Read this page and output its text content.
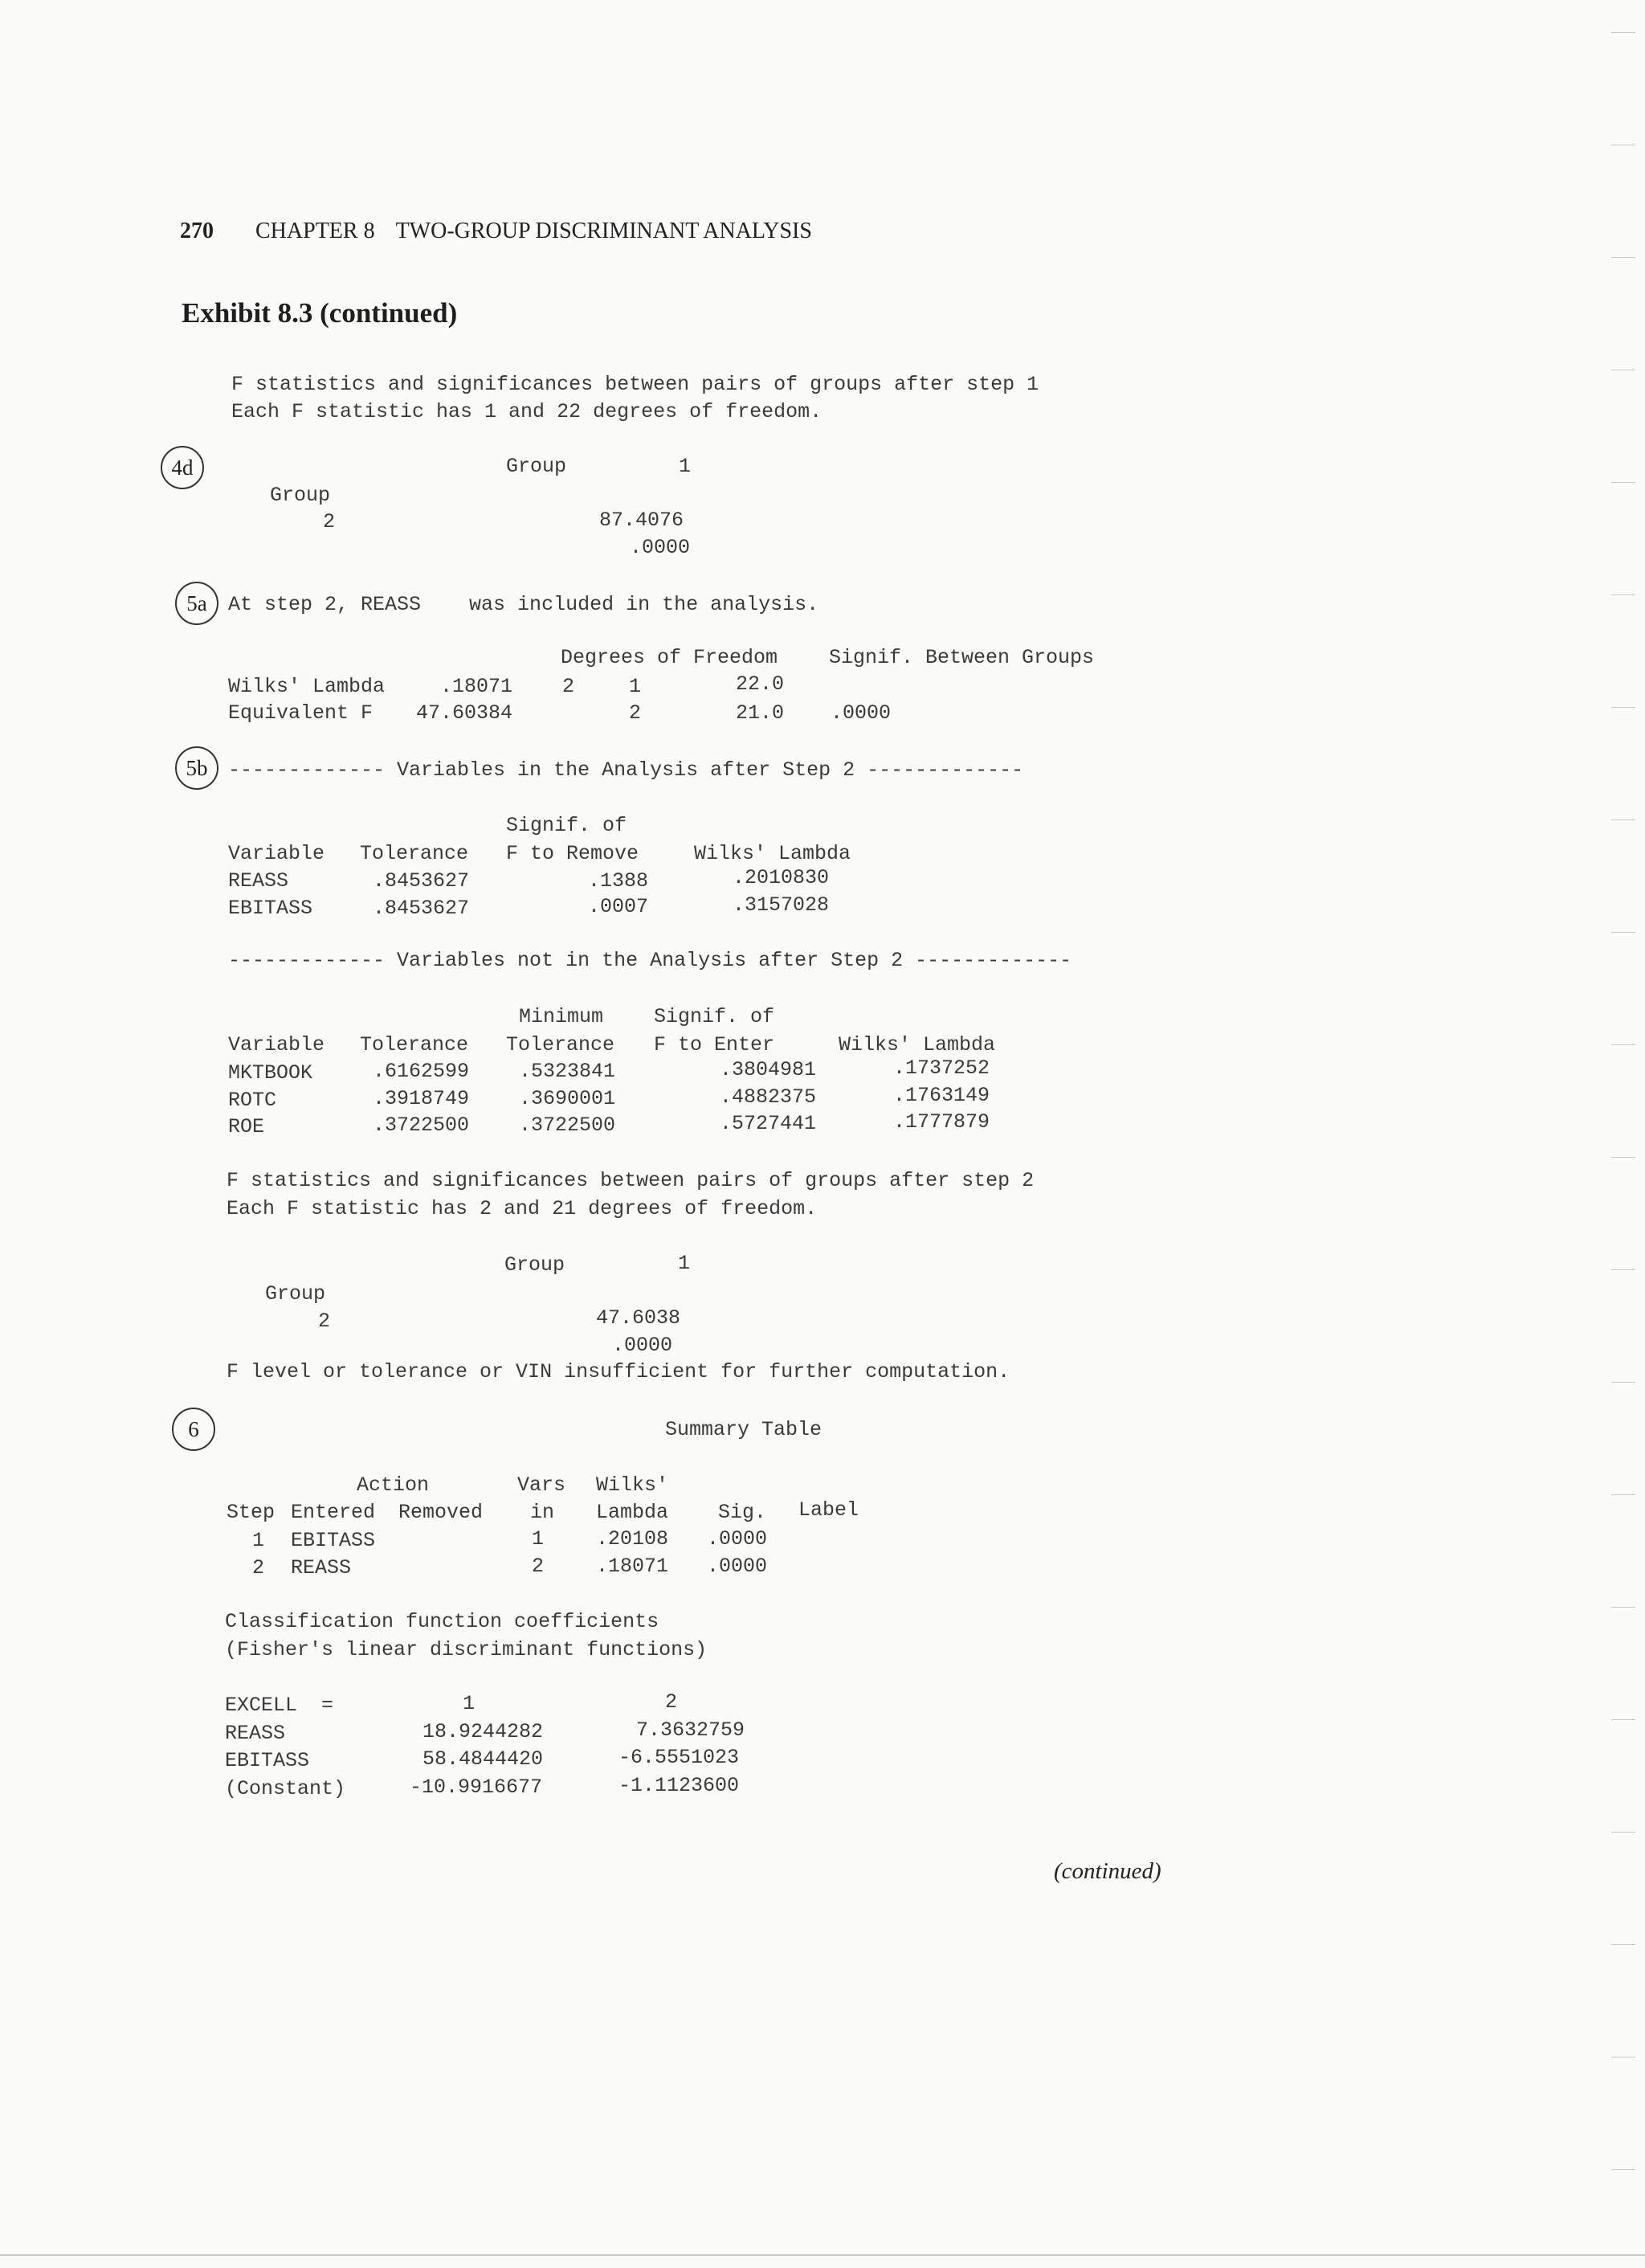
270 CHAPTER 8 TWO-GROUP DISCRIMINANT ANALYSIS
Exhibit 8.3 (continued)
F statistics and significances between pairs of groups after step 1
Each F statistic has 1 and 22 degrees of freedom.
4d	Group	1
Group
2	87.4076
.0000
5a	At step 2, REASS    was included in the analysis.
Degrees of Freedom	Signif. Between Groups
Wilks' Lambda	.18071 2	1	22.0
Equivalent F 47.60384	2	21.0 .0000
5b	------------- Variables in the Analysis after Step 2 -------------
Signif. of
Variable Tolerance F to Remove	Wilks' Lambda
REASS	.8453627	.1388	.2010830
EBITASS	.8453627	.0007	.3157028
------------- Variables not in the Analysis after Step 2 -------------
Minimum	Signif. of
Variable Tolerance Tolerance F to Enter	Wilks' Lambda
MKTBOOK	.6162599 .5323841	.3804981	.1737252
ROTC	.3918749 .3690001	.4882375	.1763149
ROE	.3722500 .3722500	.5727441	.1777879
F statistics and significances between pairs of groups after step 2
Each F statistic has 2 and 21 degrees of freedom.
Group	1
Group
2	47.6038
.0000
F level or tolerance or VIN insufficient for further computation.
6	Summary Table
Action	Vars Wilks'
Step Entered Removed in Lambda Sig. Label
1 EBITASS	1	.20108 .0000
2 REASS	2	.18071 .0000
Classification function coefficients
(Fisher's linear discriminant functions)
EXCELL  =	1	2
REASS	18.9244282	7.3632759
EBITASS	58.4844420	-6.5551023
(Constant)	-10.9916677	-1.1123600
(continued)
